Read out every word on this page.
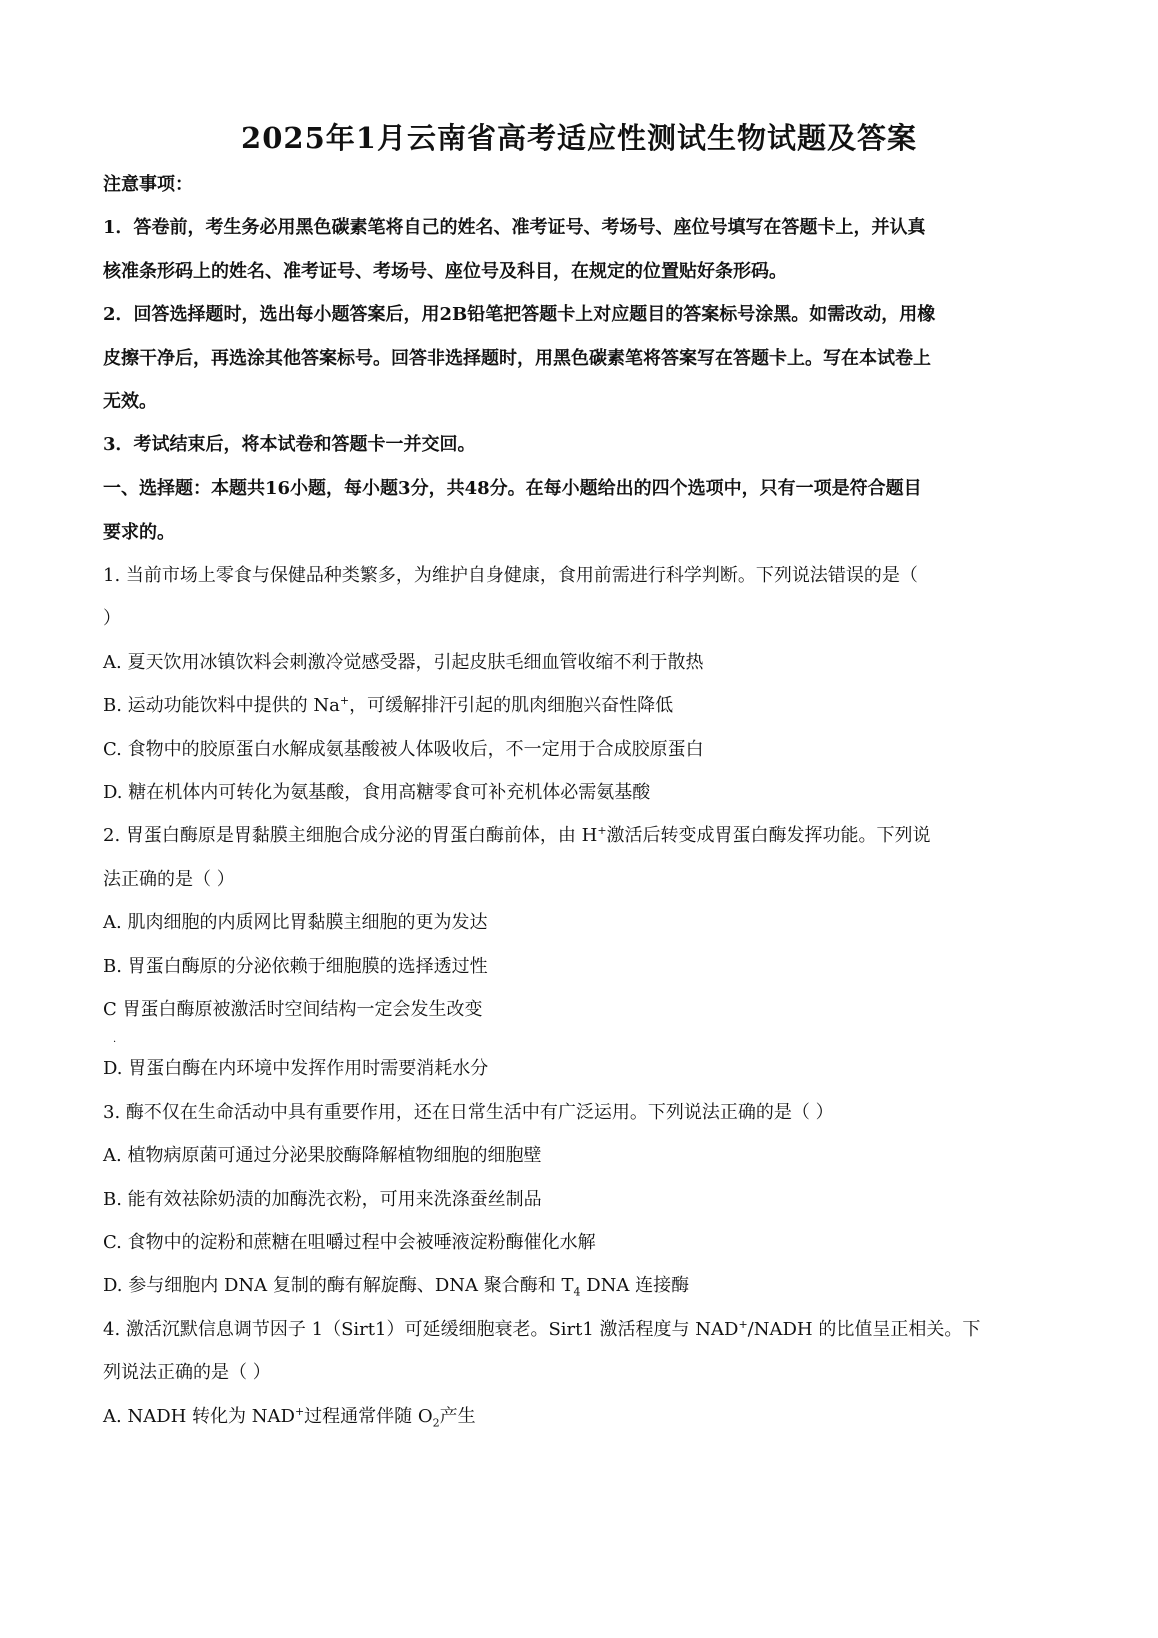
2025年1月云南省高考适应性测试生物试题及答案
注意事项：
1．答卷前，考生务必用黑色碳素笔将自己的姓名、准考证号、考场号、座位号填写在答题卡上，并认真
核准条形码上的姓名、准考证号、考场号、座位号及科目，在规定的位置贴好条形码。
2．回答选择题时，选出每小题答案后，用2B铅笔把答题卡上对应题目的答案标号涂黑。如需改动，用橡
皮擦干净后，再选涂其他答案标号。回答非选择题时，用黑色碳素笔将答案写在答题卡上。写在本试卷上
无效。
3．考试结束后，将本试卷和答题卡一并交回。
一、选择题：本题共16小题，每小题3分，共48分。在每小题给出的四个选项中，只有一项是符合题目
要求的。
1. 当前市场上零食与保健品种类繁多，为维护自身健康，食用前需进行科学判断。下列说法错误的是（
）
A. 夏天饮用冰镇饮料会刺激冷觉感受器，引起皮肤毛细血管收缩不利于散热
B. 运动功能饮料中提供的 Na+，可缓解排汗引起的肌肉细胞兴奋性降低
C. 食物中的胶原蛋白水解成氨基酸被人体吸收后，不一定用于合成胶原蛋白
D. 糖在机体内可转化为氨基酸，食用高糖零食可补充机体必需氨基酸
2. 胃蛋白酶原是胃黏膜主细胞合成分泌的胃蛋白酶前体，由 H+激活后转变成胃蛋白酶发挥功能。下列说
法正确的是（ ）
A. 肌肉细胞的内质网比胃黏膜主细胞的更为发达
B. 胃蛋白酶原的分泌依赖于细胞膜的选择透过性
C 胃蛋白酶原被激活时空间结构一定会发生改变
·
D. 胃蛋白酶在内环境中发挥作用时需要消耗水分
3. 酶不仅在生命活动中具有重要作用，还在日常生活中有广泛运用。下列说法正确的是（ ）
A. 植物病原菌可通过分泌果胶酶降解植物细胞的细胞壁
B. 能有效祛除奶渍的加酶洗衣粉，可用来洗涤蚕丝制品
C. 食物中的淀粉和蔗糖在咀嚼过程中会被唾液淀粉酶催化水解
D. 参与细胞内 DNA 复制的酶有解旋酶、DNA 聚合酶和 $T_4$ DNA 连接酶
4. 激活沉默信息调节因子 1（Sirt1）可延缓细胞衰老。Sirt1 激活程度与 NAD+/NADH 的比值呈正相关。下
列说法正确的是（ ）
A. NADH 转化为 NAD+过程通常伴随 $O_2$产生
